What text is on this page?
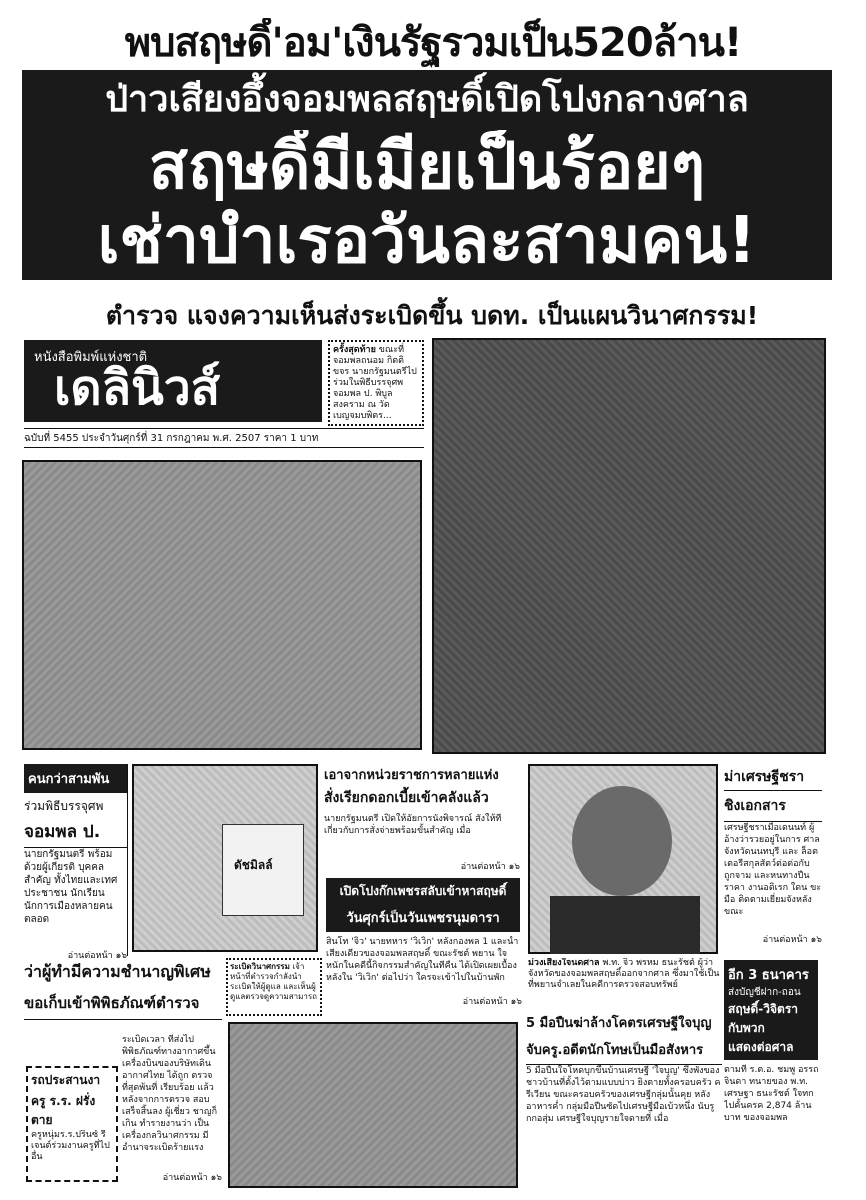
พบสฤษดิ์'อม'เงินรัฐรวมเป็น520ล้าน!
ป่าวเสียงอึ้งจอมพลสฤษดิ์เปิดโปงกลางศาล
สฤษดิ์มีเมียเป็นร้อยๆ
เช่าบำเรอวันละสามคน!
ตำรวจ แจงความเห็นส่งระเบิดขึ้น บดท. เป็นแผนวินาศกรรม!
หนังสือพิมพ์แห่งชาติ
เดลินิวส์
ฉบับที่ 5455 ประจำวันศุกร์ที่ 31 กรกฎาคม พ.ศ. 2507 ราคา 1 บาท
ครั้งสุดท้าย ขณะที่จอมพลถนอม กิตติขจร นายกรัฐมนตรีไปร่วมในพิธีบรรจุศพ จอมพล ป. พิบูลสงคราม ณ วัดเบญจมบพิตร...
คนกว่าสามพัน
ร่วมพิธีบรรจุศพ
จอมพล ป.
นายกรัฐมนตรี พร้อมด้วยผู้เกียรติ บุคคลสำคัญ ทั้งไทยและเทศ ประชาชน นักเรียน นักการเมืองหลายคน ตลอด
อ่านต่อหน้า ๑๖
ดัชมิลล์
เอาจากหน่วยราชการหลายแห่ง
สั่งเรียกดอกเบี้ยเข้าคลังแล้ว
นายกรัฐมนตรี เปิดให้อัยการนั่งพิจารณ์ สั่งให้ที่เกี่ยวกับการสั่งจ่ายพร้อมขั้นสำคัญ เมื่อ
อ่านต่อหน้า ๑๖
เปิดโปงก๊กเพชรสลับเข้าหาสฤษดิ์
วันศุกร์เป็นวันเพชรนุมดารา
สินโท 'จิ๋ว' นายทหาร 'วิเวิก' หลังกองพล 1 และน้ำเสียงเดียวของจอมพลสฤษดิ์ ขณะรัชต์ พยาน ใจหนักในคดีนี้กิจกรรมสำคัญในทีคืน ได้เปิดเผยเบื้องหลังใน 'วิเวิก' ต่อไปว่า ใครจะเข้าไปในบ้านพัก
อ่านต่อหน้า ๑๖
ม่วงเสียงใจนดศาล พ.ท. จิว พรหม ธนะรัชต์ ผู้ว่าจังหวัดของจอมพลสฤษดิ์ออกจากศาล ซึ่งมาใช้เป็นที่พยานจำเลยในคดีการตรวจสอบทรัพย์
ม่าเศรษฐีชรา
ชิงเอกสาร
เศรษฐีชราเมื่อเดนนท์ ผู้อ้างว่ารวยอยู่ในการ ศาลจังหวัดนนทบุรี และ ล็อตเตอรีสกุลสัตว์ต่อต่อกับ ถูกจาม และหนทางปืน ราคา งานอดิเรก ใดน ขะ มือ ติดตามเยี่ยมจังหลัง ขณะ
อ่านต่อหน้า ๑๖
ว่าผู้ทำมีความชำนาญพิเศษ
ขอเก็บเข้าพิพิธภัณฑ์ตำรวจ
รถประสานงา
ครู ร.ร. ฝรั่งตาย
ครูหนุ่มร.ร.ปริ๊นซ์ รีเจนต์ร่วมงานครูที่ไปอื่น
ระเบิดเวลา ที่ส่งไปพิพิธภัณฑ์ทางอากาศขึ้นเครื่องบินของบริษัทเดินอากาศไทย ได้ถูก ตรวจที่สุดพ้นที่ เรียบร้อย แล้ว หลังจากการตรวจ สอบเสร็จสิ้นลง ผู้เชี่ยว ชาญก็เกิน ทำรายงานว่า เป็นเครื่องกลวินาศกรรม มีอำนาจระเบิดร้ายแรง
อ่านต่อหน้า ๑๖
ระเบิดวินาศกรรม เจ้าหน้าที่ตำรวจกำลังนำระเบิดให้ผู้ดูแล และเห็นผู้ดูแลตรวจดูความสามารถ
5 มือปืนฆ่าล้างโคตรเศรษฐีใจบุญ
จับครู.อดีตนักโทษเป็นมือสังหาร
5 มือปืนใจโหดบุกขึ้นบ้านเศรษฐี 'ใจบุญ' ซึ่งพังของชาวบ้านที่ตั้งไว้ตามแบบบ่าว ยิงตายทั้งครอบครัว ครีเวียน ขณะครอบครัวของเศรษฐีกลุ่มนั้นคุย หลังอาหารค่ำ กลุ่มมือปืนซัดไปเศรษฐีมือเบ้วหนึ่ง นับรูกกอสุ่ม เศรษฐีใจบุญรายใจดายที่ เมื่อ
อีก 3 ธนาคาร
ส่งบัญชีฝาก-ถอน
สฤษดิ์-วิจิตรา
กับพวก
แสดงต่อศาล
ตามที่ ร.ต.อ. ชมพู อรรถจินดา ทนายของ พ.ท. เศรษฐา ธนะรัชต์ ใจทกไปคั้นครค 2,874 ล้านบาท ของจอมพล
